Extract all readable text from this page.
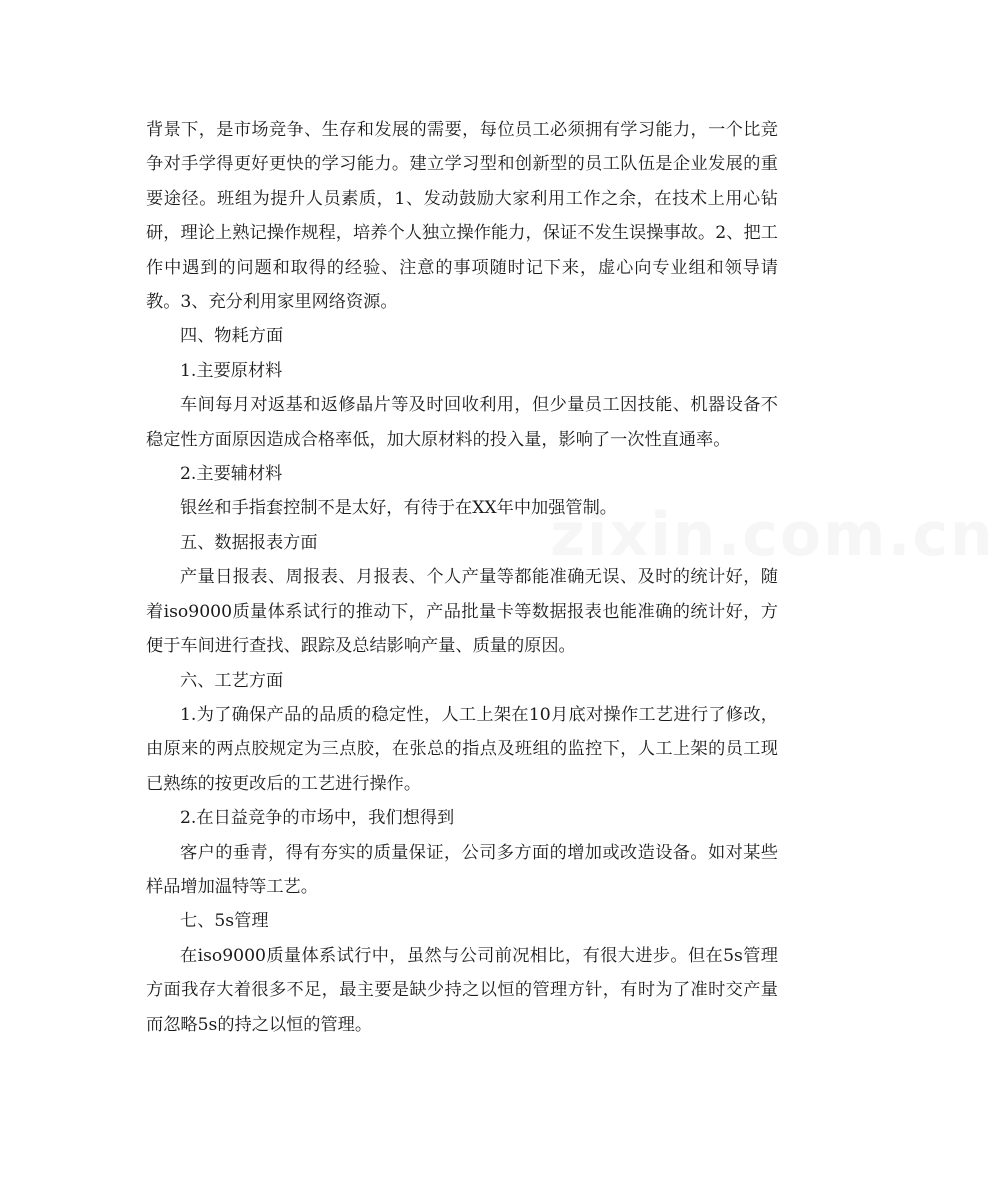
zixin.com.cn

背景下，是市场竞争、生存和发展的需要，每位员工必须拥有学习能力，一个比竞争对手学得更好更快的学习能力。建立学习型和创新型的员工队伍是企业发展的重要途径。班组为提升人员素质，1、发动鼓励大家利用工作之余，在技术上用心钻研，理论上熟记操作规程，培养个人独立操作能力，保证不发生误操事故。2、把工作中遇到的问题和取得的经验、注意的事项随时记下来，虚心向专业组和领导请教。3、充分利用家里网络资源。

四、物耗方面

1.主要原材料

车间每月对返基和返修晶片等及时回收利用，但少量员工因技能、机器设备不稳定性方面原因造成合格率低，加大原材料的投入量，影响了一次性直通率。

2.主要辅材料

银丝和手指套控制不是太好，有待于在XX年中加强管制。

五、数据报表方面

产量日报表、周报表、月报表、个人产量等都能准确无误、及时的统计好，随着iso9000质量体系试行的推动下，产品批量卡等数据报表也能准确的统计好，方便于车间进行查找、跟踪及总结影响产量、质量的原因。

六、工艺方面

1.为了确保产品的品质的稳定性，人工上架在10月底对操作工艺进行了修改，由原来的两点胶规定为三点胶，在张总的指点及班组的监控下，人工上架的员工现已熟练的按更改后的工艺进行操作。

2.在日益竞争的市场中，我们想得到

客户的垂青，得有夯实的质量保证，公司多方面的增加或改造设备。如对某些样品增加温特等工艺。

七、5s管理

在iso9000质量体系试行中，虽然与公司前况相比，有很大进步。但在5s管理方面我存大着很多不足，最主要是缺少持之以恒的管理方针，有时为了准时交产量而忽略5s的持之以恒的管理。
